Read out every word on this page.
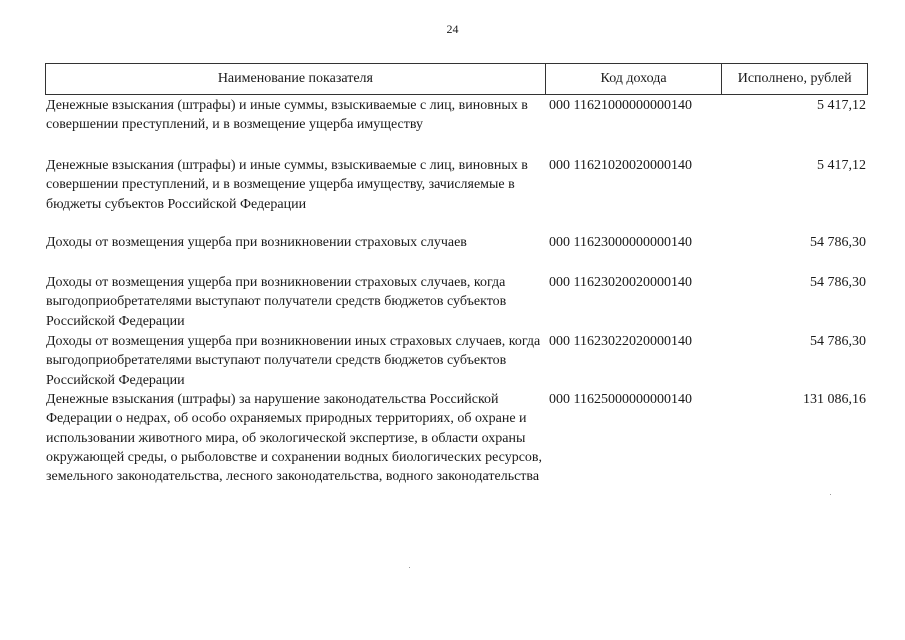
24
Наименование показателя	Код дохода	Исполнено, рублей
Денежные взыскания (штрафы) и иные суммы, взыскиваемые с лиц, виновных в совершении преступлений, и в возмещение ущерба имуществу
000 11621000000000140	5 417,12
Денежные взыскания (штрафы) и иные суммы, взыскиваемые с лиц, виновных в совершении преступлений, и в возмещение ущерба имуществу, зачисляемые в бюджеты субъектов Российской Федерации
000 11621020020000140	5 417,12
Доходы от возмещения ущерба при возникновении страховых случаев	000 11623000000000140	54 786,30
Доходы от возмещения ущерба при возникновении страховых случаев, когда выгодоприобретателями выступают получатели средств бюджетов субъектов Российской Федерации
000 11623020020000140	54 786,30
Доходы от возмещения ущерба при возникновении иных страховых случаев, когда выгодоприобретателями выступают получатели средств бюджетов субъектов Российской Федерации
000 11623022020000140	54 786,30
Денежные взыскания (штрафы) за нарушение законодательства Российской Федерации о недрах, об особо охраняемых природных территориях, об охране и использовании животного мира, об экологической экспертизе, в области охраны окружающей среды, о рыболовстве и сохранении водных биологических ресурсов, земельного законодательства, лесного законодательства, водного законодательства
000 11625000000000140	131 086,16
